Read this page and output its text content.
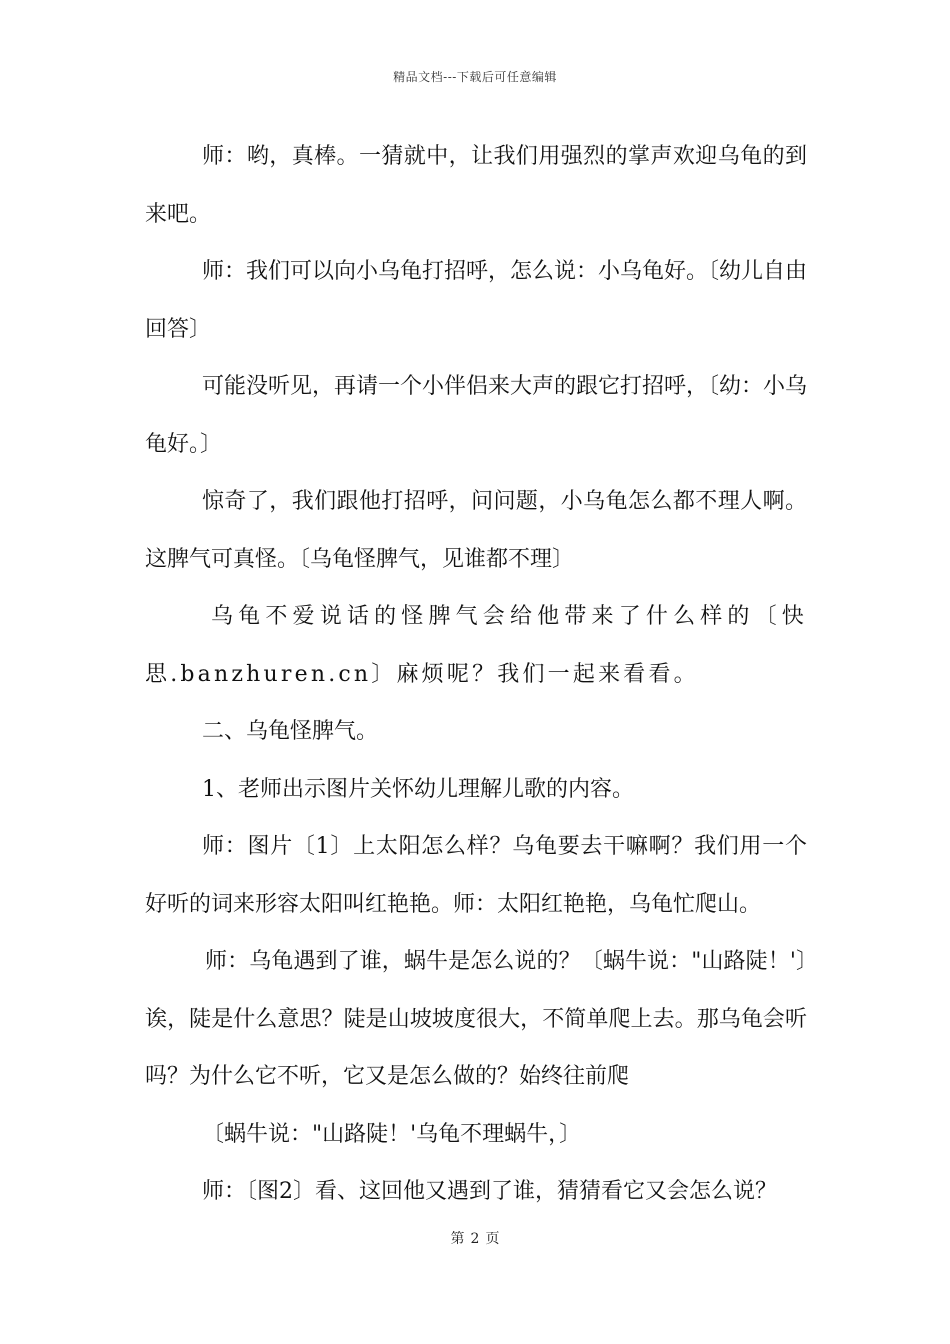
精品文档---下载后可任意编辑

师：哟，真棒。一猜就中，让我们用强烈的掌声欢迎乌龟的到来吧。

师：我们可以向小乌龟打招呼，怎么说：小乌龟好。〔幼儿自由回答〕

可能没听见，再请一个小伴侣来大声的跟它打招呼，〔幼：小乌龟好。〕

惊奇了，我们跟他打招呼，问问题，小乌龟怎么都不理人啊。这脾气可真怪。〔乌龟怪脾气，见谁都不理〕

乌龟不爱说话的怪脾气会给他带来了什么样的〔快思.banzhuren.cn〕麻烦呢？我们一起来看看。

二、乌龟怪脾气。

1、老师出示图片关怀幼儿理解儿歌的内容。

师：图片〔1〕上太阳怎么样？乌龟要去干嘛啊？我们用一个好听的词来形容太阳叫红艳艳。师：太阳红艳艳，乌龟忙爬山。

师：乌龟遇到了谁，蜗牛是怎么说的？〔蜗牛说："山路陡！'〕诶，陡是什么意思？陡是山坡坡度很大，不简单爬上去。那乌龟会听吗？为什么它不听，它又是怎么做的？始终往前爬

〔蜗牛说："山路陡！'乌龟不理蜗牛，〕

师：〔图2〕看、这回他又遇到了谁，猜猜看它又会怎么说？

第 2 页
